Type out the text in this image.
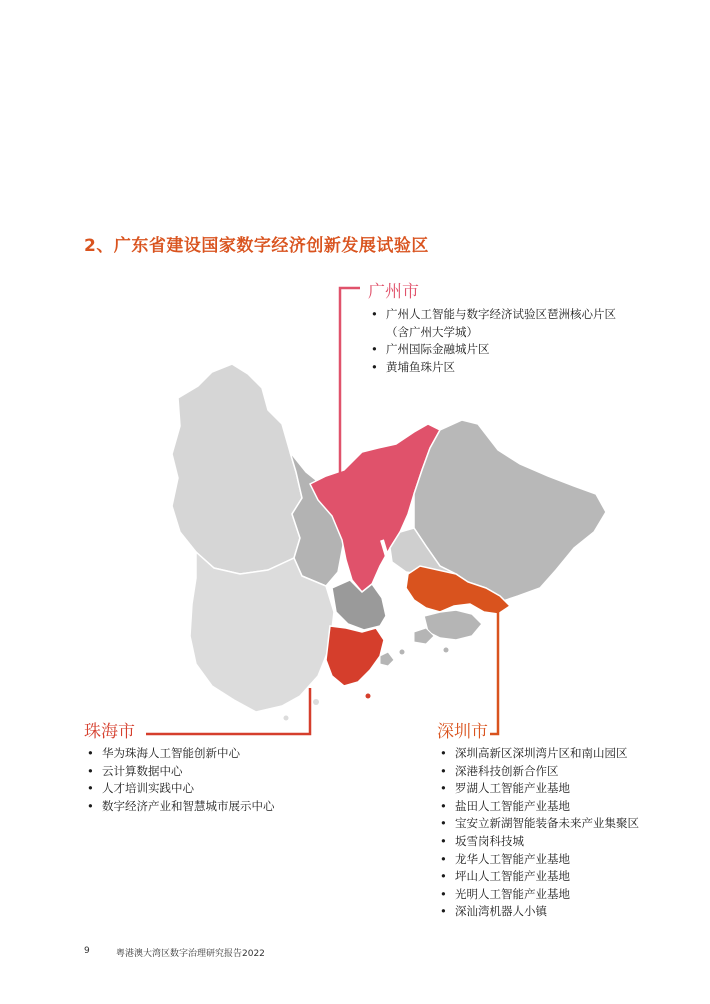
2、广东省建设国家数字经济创新发展试验区
广州市
• 广州人工智能与数字经济试验区琶洲核心片区
（含广州大学城）
• 广州国际金融城片区
• 黄埔鱼珠片区
珠海市
• 华为珠海人工智能创新中心
• 云计算数据中心
• 人才培训实践中心
• 数字经济产业和智慧城市展示中心
深圳市
• 深圳高新区深圳湾片区和南山园区
• 深港科技创新合作区
• 罗湖人工智能产业基地
• 盐田人工智能产业基地
• 宝安立新湖智能装备未来产业集聚区
• 坂雪岗科技城
• 龙华人工智能产业基地
• 坪山人工智能产业基地
• 光明人工智能产业基地
• 深汕湾机器人小镇
9	粤港澳大湾区数字治理研究报告2022
